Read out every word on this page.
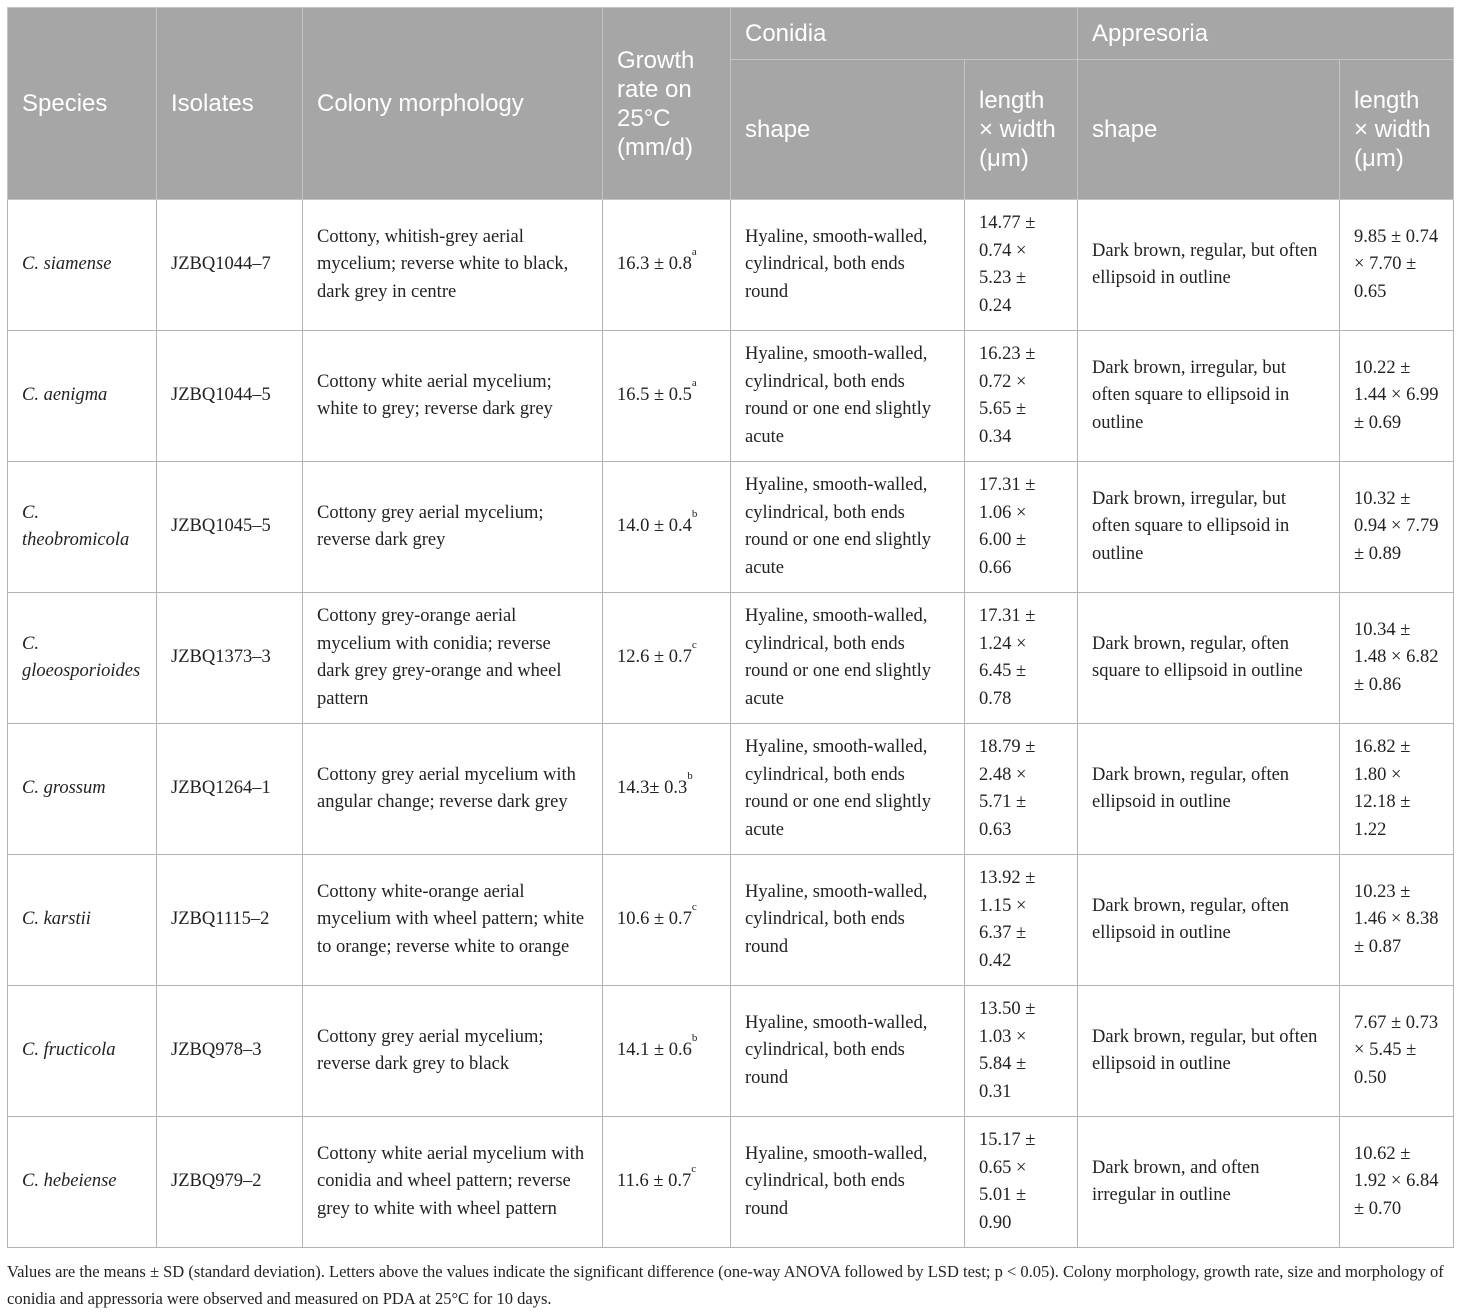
Species	Isolates	Colony morphology	Growth rate on 25°C (mm/d)	Conidia		Appresoria	
				shape	length × width (μm)	shape	length × width (μm)
C. siamense	JZBQ1044–7	Cottony, whitish-grey aerial mycelium; reverse white to black, dark grey in centre	16.3 ± 0.8$^a$	Hyaline, smooth-walled, cylindrical, both ends round	14.77 ± 0.74 × 5.23 ± 0.24	Dark brown, regular, but often ellipsoid in outline	9.85 ± 0.74 × 7.70 ± 0.65
C. aenigma	JZBQ1044–5	Cottony white aerial mycelium; white to grey; reverse dark grey	16.5 ± 0.5$^a$	Hyaline, smooth-walled, cylindrical, both ends round or one end slightly acute	16.23 ± 0.72 × 5.65 ± 0.34	Dark brown, irregular, but often square to ellipsoid in outline	10.22 ± 1.44 × 6.99 ± 0.69
C. theobromicola	JZBQ1045–5	Cottony grey aerial mycelium; reverse dark grey	14.0 ± 0.4$^b$	Hyaline, smooth-walled, cylindrical, both ends round or one end slightly acute	17.31 ± 1.06 × 6.00 ± 0.66	Dark brown, irregular, but often square to ellipsoid in outline	10.32 ± 0.94 × 7.79 ± 0.89
C. gloeosporioides	JZBQ1373–3	Cottony grey-orange aerial mycelium with conidia; reverse dark grey grey-orange and wheel pattern	12.6 ± 0.7$^c$	Hyaline, smooth-walled, cylindrical, both ends round or one end slightly acute	17.31 ± 1.24 × 6.45 ± 0.78	Dark brown, regular, often square to ellipsoid in outline	10.34 ± 1.48 × 6.82 ± 0.86
C. grossum	JZBQ1264–1	Cottony grey aerial mycelium with angular change; reverse dark grey	14.3± 0.3$^b$	Hyaline, smooth-walled, cylindrical, both ends round or one end slightly acute	18.79 ± 2.48 × 5.71 ± 0.63	Dark brown, regular, often ellipsoid in outline	16.82 ± 1.80 × 12.18 ± 1.22
C. karstii	JZBQ1115–2	Cottony white-orange aerial mycelium with wheel pattern; white to orange; reverse white to orange	10.6 ± 0.7$^c$	Hyaline, smooth-walled, cylindrical, both ends round	13.92 ± 1.15 × 6.37 ± 0.42	Dark brown, regular, often ellipsoid in outline	10.23 ± 1.46 × 8.38 ± 0.87
C. fructicola	JZBQ978–3	Cottony grey aerial mycelium; reverse dark grey to black	14.1 ± 0.6$^b$	Hyaline, smooth-walled, cylindrical, both ends round	13.50 ± 1.03 × 5.84 ± 0.31	Dark brown, regular, but often ellipsoid in outline	7.67 ± 0.73 × 5.45 ± 0.50
C. hebeiense	JZBQ979–2	Cottony white aerial mycelium with conidia and wheel pattern; reverse grey to white with wheel pattern	11.6 ± 0.7$^c$	Hyaline, smooth-walled, cylindrical, both ends round	15.17 ± 0.65 × 5.01 ± 0.90	Dark brown, and often irregular in outline	10.62 ± 1.92 × 6.84 ± 0.70
Values are the means ± SD (standard deviation). Letters above the values indicate the significant difference (one-way ANOVA followed by LSD test; p < 0.05). Colony morphology, growth rate, size and morphology of conidia and appressoria were observed and measured on PDA at 25°C for 10 days.
